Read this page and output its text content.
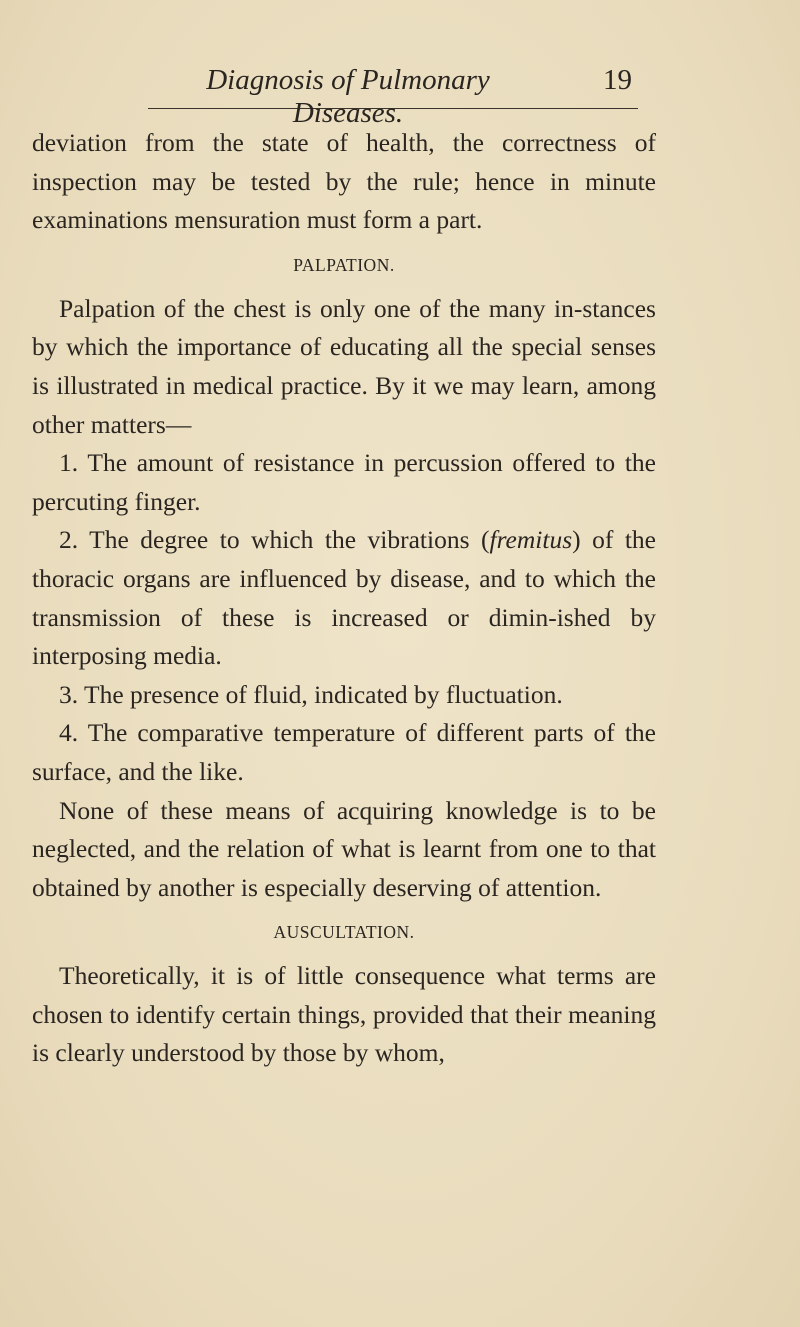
Diagnosis of Pulmonary Diseases.
19

deviation from the state of health, the correctness of inspection may be tested by the rule; hence in minute examinations mensuration must form a part.

PALPATION.

Palpation of the chest is only one of the many in-stances by which the importance of educating all the special senses is illustrated in medical practice. By it we may learn, among other matters—

1. The amount of resistance in percussion offered to the percuting finger.

2. The degree to which the vibrations (fremitus) of the thoracic organs are influenced by disease, and to which the transmission of these is increased or dimin-ished by interposing media.

3. The presence of fluid, indicated by fluctuation.

4. The comparative temperature of different parts of the surface, and the like.

None of these means of acquiring knowledge is to be neglected, and the relation of what is learnt from one to that obtained by another is especially deserving of attention.

AUSCULTATION.

Theoretically, it is of little consequence what terms are chosen to identify certain things, provided that their meaning is clearly understood by those by whom,
